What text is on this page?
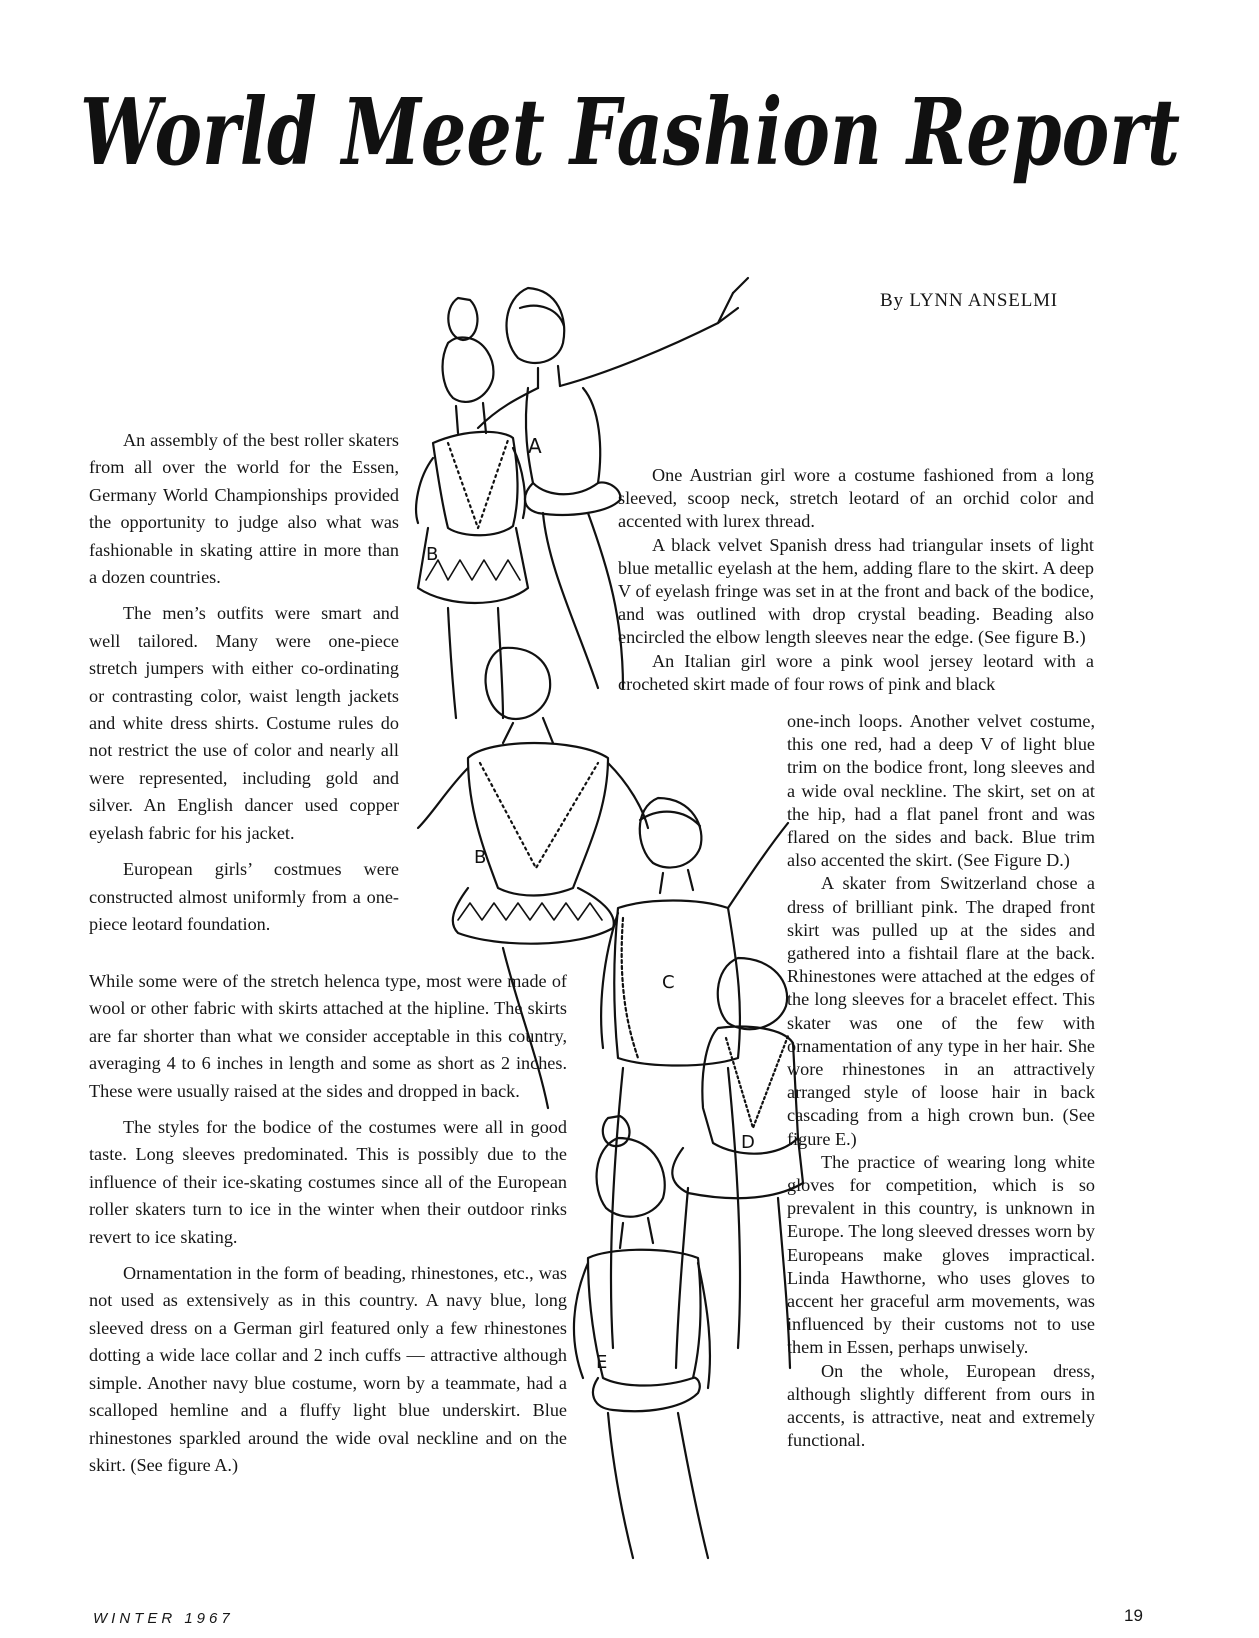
World Meet Fashion Report
By LYNN ANSELMI

An assembly of the best roller skaters from all over the world for the Essen, Germany World Championships provided the opportunity to judge also what was fashionable in skating attire in more than a dozen countries.

The men’s outfits were smart and well tailored. Many were one-piece stretch jumpers with either co-ordinating or contrasting color, waist length jackets and white dress shirts. Costume rules do not restrict the use of color and nearly all were represented, including gold and silver. An English dancer used copper eyelash fabric for his jacket.

European girls’ costmues were constructed almost uniformly from a one-piece leotard foundation.

While some were of the stretch helenca type, most were made of wool or other fabric with skirts attached at the hipline. The skirts are far shorter than what we consider acceptable in this country, averaging 4 to 6 inches in length and some as short as 2 inches. These were usually raised at the sides and dropped in back.

The styles for the bodice of the costumes were all in good taste. Long sleeves predominated. This is possibly due to the influence of their ice-skating costumes since all of the European roller skaters turn to ice in the winter when their outdoor rinks revert to ice skating.

Ornamentation in the form of beading, rhinestones, etc., was not used as extensively as in this country. A navy blue, long sleeved dress on a German girl featured only a few rhinestones dotting a wide lace collar and 2 inch cuffs — attractive although simple. Another navy blue costume, worn by a teammate, had a scalloped hemline and a fluffy light blue underskirt. Blue rhinestones sparkled around the wide oval neckline and on the skirt. (See figure A.)

One Austrian girl wore a costume fashioned from a long sleeved, scoop neck, stretch leotard of an orchid color and accented with lurex thread.

A black velvet Spanish dress had triangular insets of light blue metallic eyelash at the hem, adding flare to the skirt. A deep V of eyelash fringe was set in at the front and back of the bodice, and was outlined with drop crystal beading. Beading also encircled the elbow length sleeves near the edge. (See figure B.)

An Italian girl wore a pink wool jersey leotard with a crocheted skirt made of four rows of pink and black

one-inch loops. Another velvet costume, this one red, had a deep V of light blue trim on the bodice front, long sleeves and a wide oval neckline. The skirt, set on at the hip, had a flat panel front and was flared on the sides and back. Blue trim also accented the skirt. (See Figure D.)

A skater from Switzerland chose a dress of brilliant pink. The draped front skirt was pulled up at the sides and gathered into a fishtail flare at the back. Rhinestones were attached at the edges of the long sleeves for a bracelet effect. This skater was one of the few with ornamentation of any type in her hair. She wore rhinestones in an attractively arranged style of loose hair in back cascading from a high crown bun. (See figure E.)

The practice of wearing long white gloves for competition, which is so prevalent in this country, is unknown in Europe. The long sleeved dresses worn by Europeans make gloves impractical. Linda Hawthorne, who uses gloves to accent her graceful arm movements, was influenced by their customs not to use them in Essen, perhaps unwisely.

On the whole, European dress, although slightly different from ours in accents, is attractive, neat and extremely functional.

A
B
B
C
D
E
WINTER 1967	19
